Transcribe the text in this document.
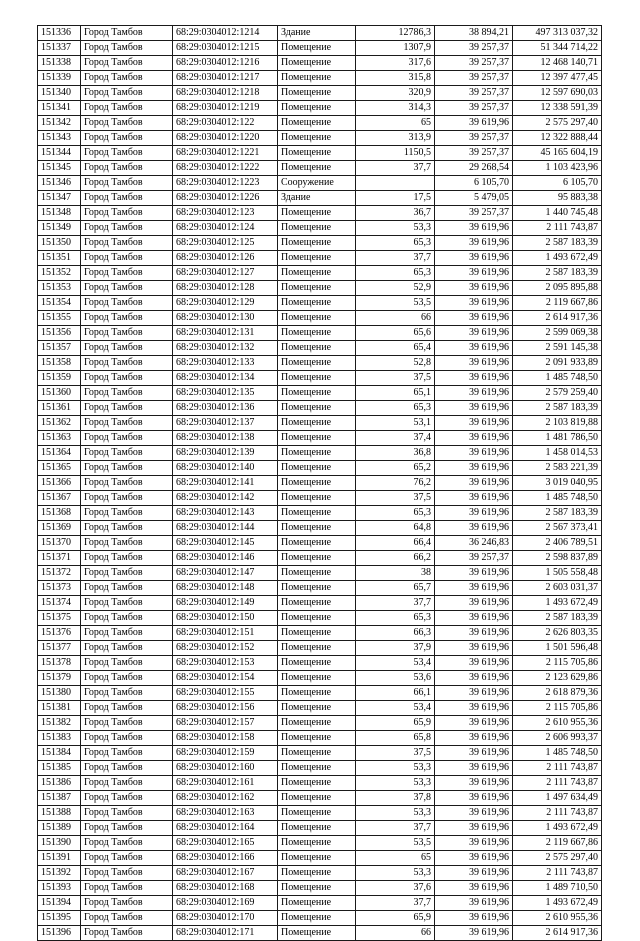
151336	Город Тамбов	68:29:0304012:1214	Здание	12786,3	38 894,21	497 313 037,32
151337	Город Тамбов	68:29:0304012:1215	Помещение	1307,9	39 257,37	51 344 714,22
151338	Город Тамбов	68:29:0304012:1216	Помещение	317,6	39 257,37	12 468 140,71
151339	Город Тамбов	68:29:0304012:1217	Помещение	315,8	39 257,37	12 397 477,45
151340	Город Тамбов	68:29:0304012:1218	Помещение	320,9	39 257,37	12 597 690,03
151341	Город Тамбов	68:29:0304012:1219	Помещение	314,3	39 257,37	12 338 591,39
151342	Город Тамбов	68:29:0304012:122	Помещение	65	39 619,96	2 575 297,40
151343	Город Тамбов	68:29:0304012:1220	Помещение	313,9	39 257,37	12 322 888,44
151344	Город Тамбов	68:29:0304012:1221	Помещение	1150,5	39 257,37	45 165 604,19
151345	Город Тамбов	68:29:0304012:1222	Помещение	37,7	29 268,54	1 103 423,96
151346	Город Тамбов	68:29:0304012:1223	Сооружение		6 105,70	6 105,70
151347	Город Тамбов	68:29:0304012:1226	Здание	17,5	5 479,05	95 883,38
151348	Город Тамбов	68:29:0304012:123	Помещение	36,7	39 257,37	1 440 745,48
151349	Город Тамбов	68:29:0304012:124	Помещение	53,3	39 619,96	2 111 743,87
151350	Город Тамбов	68:29:0304012:125	Помещение	65,3	39 619,96	2 587 183,39
151351	Город Тамбов	68:29:0304012:126	Помещение	37,7	39 619,96	1 493 672,49
151352	Город Тамбов	68:29:0304012:127	Помещение	65,3	39 619,96	2 587 183,39
151353	Город Тамбов	68:29:0304012:128	Помещение	52,9	39 619,96	2 095 895,88
151354	Город Тамбов	68:29:0304012:129	Помещение	53,5	39 619,96	2 119 667,86
151355	Город Тамбов	68:29:0304012:130	Помещение	66	39 619,96	2 614 917,36
151356	Город Тамбов	68:29:0304012:131	Помещение	65,6	39 619,96	2 599 069,38
151357	Город Тамбов	68:29:0304012:132	Помещение	65,4	39 619,96	2 591 145,38
151358	Город Тамбов	68:29:0304012:133	Помещение	52,8	39 619,96	2 091 933,89
151359	Город Тамбов	68:29:0304012:134	Помещение	37,5	39 619,96	1 485 748,50
151360	Город Тамбов	68:29:0304012:135	Помещение	65,1	39 619,96	2 579 259,40
151361	Город Тамбов	68:29:0304012:136	Помещение	65,3	39 619,96	2 587 183,39
151362	Город Тамбов	68:29:0304012:137	Помещение	53,1	39 619,96	2 103 819,88
151363	Город Тамбов	68:29:0304012:138	Помещение	37,4	39 619,96	1 481 786,50
151364	Город Тамбов	68:29:0304012:139	Помещение	36,8	39 619,96	1 458 014,53
151365	Город Тамбов	68:29:0304012:140	Помещение	65,2	39 619,96	2 583 221,39
151366	Город Тамбов	68:29:0304012:141	Помещение	76,2	39 619,96	3 019 040,95
151367	Город Тамбов	68:29:0304012:142	Помещение	37,5	39 619,96	1 485 748,50
151368	Город Тамбов	68:29:0304012:143	Помещение	65,3	39 619,96	2 587 183,39
151369	Город Тамбов	68:29:0304012:144	Помещение	64,8	39 619,96	2 567 373,41
151370	Город Тамбов	68:29:0304012:145	Помещение	66,4	36 246,83	2 406 789,51
151371	Город Тамбов	68:29:0304012:146	Помещение	66,2	39 257,37	2 598 837,89
151372	Город Тамбов	68:29:0304012:147	Помещение	38	39 619,96	1 505 558,48
151373	Город Тамбов	68:29:0304012:148	Помещение	65,7	39 619,96	2 603 031,37
151374	Город Тамбов	68:29:0304012:149	Помещение	37,7	39 619,96	1 493 672,49
151375	Город Тамбов	68:29:0304012:150	Помещение	65,3	39 619,96	2 587 183,39
151376	Город Тамбов	68:29:0304012:151	Помещение	66,3	39 619,96	2 626 803,35
151377	Город Тамбов	68:29:0304012:152	Помещение	37,9	39 619,96	1 501 596,48
151378	Город Тамбов	68:29:0304012:153	Помещение	53,4	39 619,96	2 115 705,86
151379	Город Тамбов	68:29:0304012:154	Помещение	53,6	39 619,96	2 123 629,86
151380	Город Тамбов	68:29:0304012:155	Помещение	66,1	39 619,96	2 618 879,36
151381	Город Тамбов	68:29:0304012:156	Помещение	53,4	39 619,96	2 115 705,86
151382	Город Тамбов	68:29:0304012:157	Помещение	65,9	39 619,96	2 610 955,36
151383	Город Тамбов	68:29:0304012:158	Помещение	65,8	39 619,96	2 606 993,37
151384	Город Тамбов	68:29:0304012:159	Помещение	37,5	39 619,96	1 485 748,50
151385	Город Тамбов	68:29:0304012:160	Помещение	53,3	39 619,96	2 111 743,87
151386	Город Тамбов	68:29:0304012:161	Помещение	53,3	39 619,96	2 111 743,87
151387	Город Тамбов	68:29:0304012:162	Помещение	37,8	39 619,96	1 497 634,49
151388	Город Тамбов	68:29:0304012:163	Помещение	53,3	39 619,96	2 111 743,87
151389	Город Тамбов	68:29:0304012:164	Помещение	37,7	39 619,96	1 493 672,49
151390	Город Тамбов	68:29:0304012:165	Помещение	53,5	39 619,96	2 119 667,86
151391	Город Тамбов	68:29:0304012:166	Помещение	65	39 619,96	2 575 297,40
151392	Город Тамбов	68:29:0304012:167	Помещение	53,3	39 619,96	2 111 743,87
151393	Город Тамбов	68:29:0304012:168	Помещение	37,6	39 619,96	1 489 710,50
151394	Город Тамбов	68:29:0304012:169	Помещение	37,7	39 619,96	1 493 672,49
151395	Город Тамбов	68:29:0304012:170	Помещение	65,9	39 619,96	2 610 955,36
151396	Город Тамбов	68:29:0304012:171	Помещение	66	39 619,96	2 614 917,36
